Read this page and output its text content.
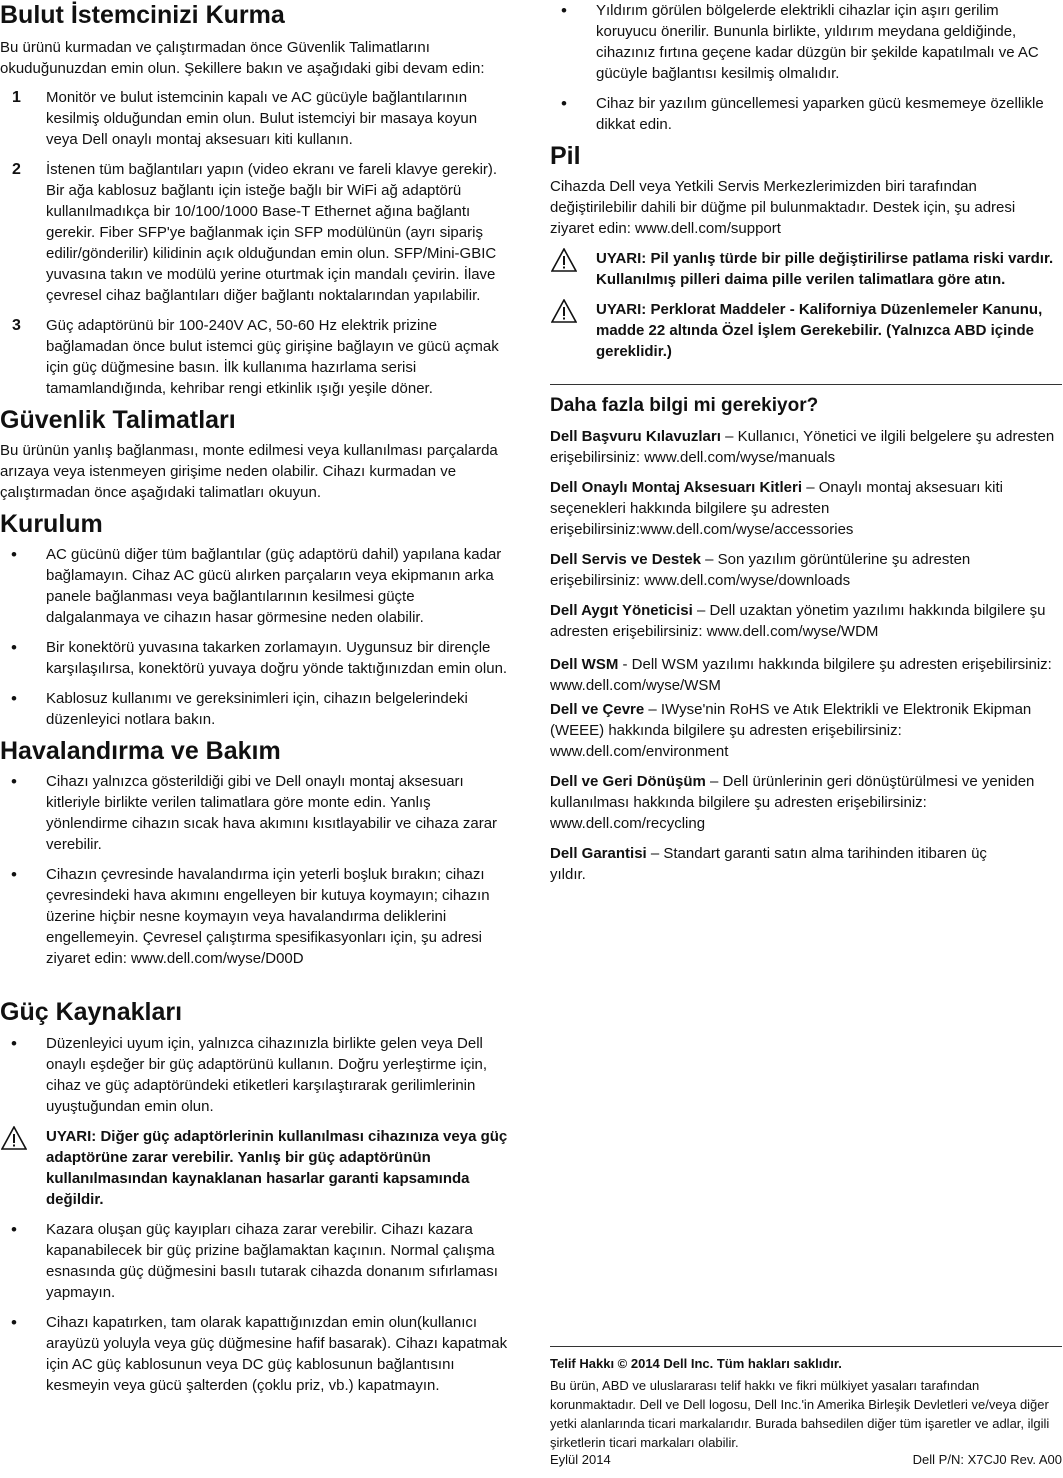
Bulut İstemcinizi Kurma

Bu ürünü kurmadan ve çalıştırmadan önce Güvenlik Talimatlarını okuduğunuzdan emin olun. Şekillere bakın ve aşağıdaki gibi devam edin:

1 Monitör ve bulut istemcinin kapalı ve AC gücüyle bağlantılarının kesilmiş olduğundan emin olun. Bulut istemciyi bir masaya koyun veya Dell onaylı montaj aksesuarı kiti kullanın.
2 İstenen tüm bağlantıları yapın (video ekranı ve fareli klavye gerekir). Bir ağa kablosuz bağlantı için isteğe bağlı bir WiFi ağ adaptörü kullanılmadıkça bir 10/100/1000 Base-T Ethernet ağına bağlantı gerekir. Fiber SFP'ye bağlanmak için SFP modülünün (ayrı sipariş edilir/gönderilir) kilidinin açık olduğundan emin olun. SFP/Mini-GBIC yuvasına takın ve modülü yerine oturtmak için mandalı çevirin. İlave çevresel cihaz bağlantıları diğer bağlantı noktalarından yapılabilir.
3 Güç adaptörünü bir 100-240V AC, 50-60 Hz elektrik prizine bağlamadan önce bulut istemci güç girişine bağlayın ve gücü açmak için güç düğmesine basın. İlk kullanıma hazırlama serisi tamamlandığında, kehribar rengi etkinlik ışığı yeşile döner.
Güvenlik Talimatları

Bu ürünün yanlış bağlanması, monte edilmesi veya kullanılması parçalarda arızaya veya istenmeyen girişime neden olabilir. Cihazı kurmadan ve çalıştırmadan önce aşağıdaki talimatları okuyun.

Kurulum
• AC gücünü diğer tüm bağlantılar (güç adaptörü dahil) yapılana kadar bağlamayın. Cihaz AC gücü alırken parçaların veya ekipmanın arka panele bağlanması veya bağlantılarının kesilmesi güçte dalgalanmaya ve cihazın hasar görmesine neden olabilir.
• Bir konektörü yuvasına takarken zorlamayın. Uygunsuz bir dirençle karşılaşılırsa, konektörü yuvaya doğru yönde taktığınızdan emin olun.
• Kablosuz kullanımı ve gereksinimleri için, cihazın belgelerindeki düzenleyici notlara bakın.
Havalandırma ve Bakım
• Cihazı yalnızca gösterildiği gibi ve Dell onaylı montaj aksesuarı kitleriyle birlikte verilen talimatlara göre monte edin. Yanlış yönlendirme cihazın sıcak hava akımını kısıtlayabilir ve cihaza zarar verebilir.
• Cihazın çevresinde havalandırma için yeterli boşluk bırakın; cihazı çevresindeki hava akımını engelleyen bir kutuya koymayın; cihazın üzerine hiçbir nesne koymayın veya havalandırma deliklerini engellemeyin. Çevresel çalıştırma spesifikasyonları için, şu adresi ziyaret edin: www.dell.com/wyse/D00D
Güç Kaynakları
• Düzenleyici uyum için, yalnızca cihazınızla birlikte gelen veya Dell onaylı eşdeğer bir güç adaptörünü kullanın. Doğru yerleştirme için, cihaz ve güç adaptöründeki etiketleri karşılaştırarak gerilimlerinin uyuştuğundan emin olun.
UYARI: Diğer güç adaptörlerinin kullanılması cihazınıza veya güç adaptörüne zarar verebilir. Yanlış bir güç adaptörünün kullanılmasından kaynaklanan hasarlar garanti kapsamında değildir.
• Kazara oluşan güç kayıpları cihaza zarar verebilir. Cihazı kazara kapanabilecek bir güç prizine bağlamaktan kaçının. Normal çalışma esnasında güç düğmesini basılı tutarak cihazda donanım sıfırlaması yapmayın.
• Cihazı kapatırken, tam olarak kapattığınızdan emin olun(kullanıcı arayüzü yoluyla veya güç düğmesine hafif basarak). Cihazı kapatmak için AC güç kablosunun veya DC güç kablosunun bağlantısını kesmeyin veya gücü şalterden (çoklu priz, vb.) kapatmayın.
• Yıldırım görülen bölgelerde elektrikli cihazlar için aşırı gerilim koruyucu önerilir. Bununla birlikte, yıldırım meydana geldiğinde, cihazınız fırtına geçene kadar düzgün bir şekilde kapatılmalı ve AC gücüyle bağlantısı kesilmiş olmalıdır.
• Cihaz bir yazılım güncellemesi yaparken gücü kesmemeye özellikle dikkat edin.
Pil

Cihazda Dell veya Yetkili Servis Merkezlerimizden biri tarafından değiştirilebilir dahili bir düğme pil bulunmaktadır. Destek için, şu adresi ziyaret edin: www.dell.com/support

UYARI: Pil yanlış türde bir pille değiştirilirse patlama riski vardır. Kullanılmış pilleri daima pille verilen talimatlara göre atın.
UYARI: Perklorat Maddeler - Kaliforniya Düzenlemeler Kanunu, madde 22 altında Özel İşlem Gerekebilir. (Yalnızca ABD içinde gereklidir.)
Daha fazla bilgi mi gerekiyor?

Dell Başvuru Kılavuzları – Kullanıcı, Yönetici ve ilgili belgelere şu adresten erişebilirsiniz: www.dell.com/wyse/manuals

Dell Onaylı Montaj Aksesuarı Kitleri – Onaylı montaj aksesuarı kiti seçenekleri hakkında bilgilere şu adresten erişebilirsiniz:www.dell.com/wyse/accessories

Dell Servis ve Destek – Son yazılım görüntülerine şu adresten erişebilirsiniz: www.dell.com/wyse/downloads

Dell Aygıt Yöneticisi – Dell uzaktan yönetim yazılımı hakkında bilgilere şu adresten erişebilirsiniz: www.dell.com/wyse/WDM

Dell WSM - Dell WSM yazılımı hakkında bilgilere şu adresten erişebilirsiniz: www.dell.com/wyse/WSM

Dell ve Çevre – IWyse'nin RoHS ve Atık Elektrikli ve Elektronik Ekipman (WEEE) hakkında bilgilere şu adresten erişebilirsiniz: www.dell.com/environment

Dell ve Geri Dönüşüm – Dell ürünlerinin geri dönüştürülmesi ve yeniden kullanılması hakkında bilgilere şu adresten erişebilirsiniz: www.dell.com/recycling

Dell Garantisi – Standart garanti satın alma tarihinden itibaren üç yıldır.

Telif Hakkı © 2014 Dell Inc. Tüm hakları saklıdır.
Bu ürün, ABD ve uluslararası telif hakkı ve fikri mülkiyet yasaları tarafından korunmaktadır. Dell ve Dell logosu, Dell Inc.'in Amerika Birleşik Devletleri ve/veya diğer yetki alanlarında ticari markalarıdır. Burada bahsedilen diğer tüm işaretler ve adlar, ilgili şirketlerin ticari markaları olabilir.
Eylül 2014	Dell P/N: X7CJ0 Rev. A00
